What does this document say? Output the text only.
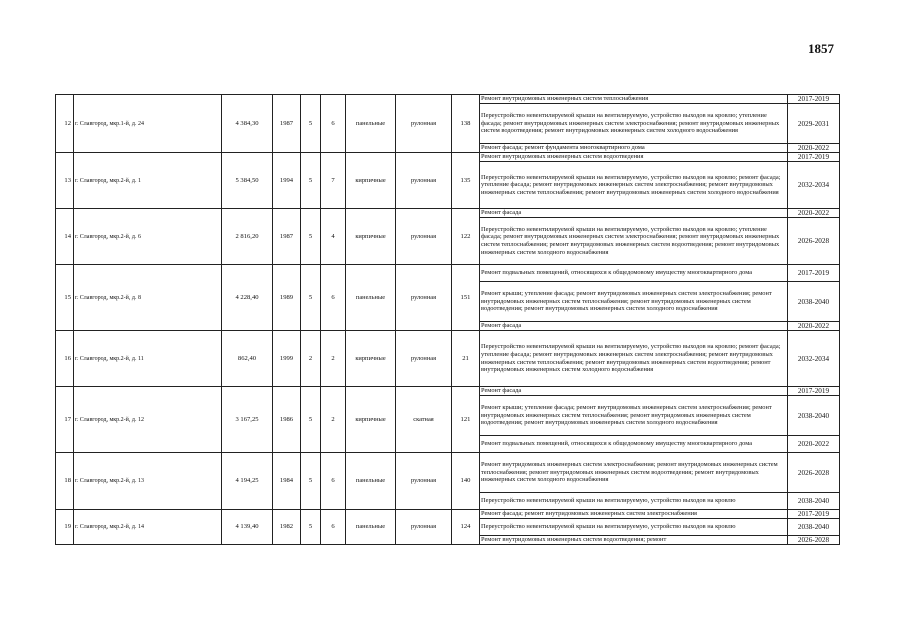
1857
12	г. Славгород, мкр.1-й, д. 24	4 384,30	1987	5	6	панельные	рулонная	138	Ремонт внутридомовых инженерных систем теплоснабжения	2017-2019
									Переустройство невентилируемой крыши на вентилируемую, устройство выходов на кровлю; утепление фасада; ремонт внутридомовых инженерных систем электроснабжения; ремонт внутридомовых инженерных систем водоотведения; ремонт внутридомовых инженерных систем холодного водоснабжения	2029-2031
									Ремонт фасада; ремонт фундамента многоквартирного дома	2020-2022
13	г. Славгород, мкр.2-й, д. 1	5 384,50	1994	5	7	кирпичные	рулонная	135	Ремонт внутридомовых инженерных систем водоотведения	2017-2019
									Переустройство невентилируемой крыши на вентилируемую, устройство выходов на кровлю; ремонт фасада; утепление фасада; ремонт внутридомовых инженерных систем электроснабжения; ремонт внутридомовых инженерных систем теплоснабжения; ремонт внутридомовых инженерных систем холодного водоснабжения	2032-2034
14	г. Славгород, мкр.2-й, д. 6	2 816,20	1987	5	4	кирпичные	рулонная	122	Ремонт фасада	2020-2022
									Переустройство невентилируемой крыши на вентилируемую, устройство выходов на кровлю; утепление фасада; ремонт внутридомовых инженерных систем электроснабжения; ремонт внутридомовых инженерных систем теплоснабжения; ремонт внутридомовых инженерных систем водоотведения; ремонт внутридомовых инженерных систем холодного водоснабжения	2026-2028
15	г. Славгород, мкр.2-й, д. 8	4 228,40	1989	5	6	панельные	рулонная	151	Ремонт подвальных помещений, относящихся к общедомовому имуществу многоквартирного дома	2017-2019
									Ремонт крыши; утепление фасада; ремонт внутридомовых инженерных систем электроснабжения; ремонт внутридомовых инженерных систем теплоснабжения; ремонт внутридомовых инженерных систем водоотведения; ремонт внутридомовых инженерных систем холодного водоснабжения	2038-2040
									Ремонт фасада	2020-2022
16	г. Славгород, мкр.2-й, д. 11	862,40	1999	2	2	кирпичные	рулонная	21	Переустройство невентилируемой крыши на вентилируемую, устройство выходов на кровлю; ремонт фасада; утепление фасада; ремонт внутридомовых инженерных систем электроснабжения; ремонт внутридомовых инженерных систем теплоснабжения; ремонт внутридомовых инженерных систем водоотведения; ремонт внутридомовых инженерных систем холодного водоснабжения	2032-2034
17	г. Славгород, мкр.2-й, д. 12	3 167,25	1986	5	2	кирпичные	скатная	121	Ремонт фасада	2017-2019
									Ремонт крыши; утепление фасада; ремонт внутридомовых инженерных систем электроснабжения; ремонт внутридомовых инженерных систем теплоснабжения; ремонт внутридомовых инженерных систем водоотведения; ремонт внутридомовых инженерных систем холодного водоснабжения	2038-2040
									Ремонт подвальных помещений, относящихся к общедомовому имуществу многоквартирного дома	2020-2022
18	г. Славгород, мкр.2-й, д. 13	4 194,25	1984	5	6	панельные	рулонная	140	Ремонт внутридомовых инженерных систем электроснабжения; ремонт внутридомовых инженерных систем теплоснабжения; ремонт внутридомовых инженерных систем водоотведения; ремонт внутридомовых инженерных систем холодного водоснабжения	2026-2028
									Переустройство невентилируемой крыши на вентилируемую, устройство выходов на кровлю	2038-2040
19	г. Славгород, мкр.2-й, д. 14	4 139,40	1982	5	6	панельные	рулонная	124	Ремонт фасада; ремонт внутридомовых инженерных систем электроснабжения	2017-2019
									Переустройство невентилируемой крыши на вентилируемую, устройство выходов на кровлю	2038-2040
									Ремонт внутридомовых инженерных систем водоотведения; ремонт	2026-2028
